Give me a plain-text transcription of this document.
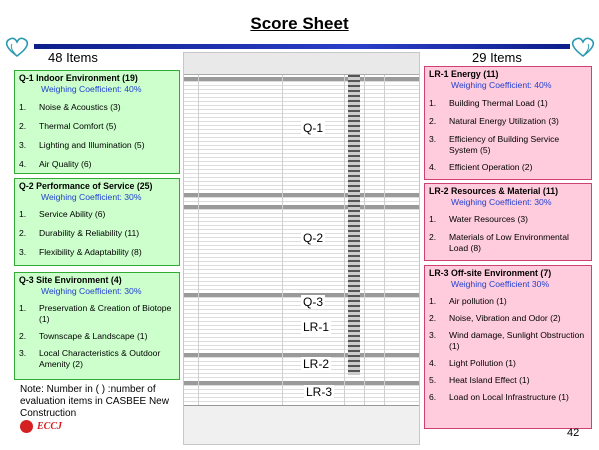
Score Sheet
48 Items	29 Items
Q-1 Indoor Environment (19)
Weighing Coefficient: 40%
1.	Noise & Acoustics (3)
2.	Thermal Comfort (5)
3.	Lighting and Illumination (5)
4.	Air Quality (6)
Q-2 Performance of Service (25)
Weighing Coefficient: 30%
1.	Service Ability (6)
2.	Durability & Reliability (11)
3.	Flexibility & Adaptability (8)
Q-3 Site Environment (4)
Weighing Coefficient: 30%
1.	Preservation & Creation of Biotope (1)
2.	Townscape & Landscape (1)
3.	Local Characteristics & Outdoor Amenity (2)
LR-1 Energy (11)
Weighing Coefficient: 40%
1.	Building Thermal Load (1)
2.	Natural Energy Utilization (3)
3.	Efficiency of Building Service System (5)
4.	Efficient Operation (2)
LR-2 Resources & Material (11)
Weighing Coefficient: 30%
1.	Water Resources (3)
2.	Materials of Low Environmental Load (8)
LR-3 Off-site Environment (7)
Weighing Coefficient 30%
1.	Air pollution (1)
2.	Noise, Vibration and Odor (2)
3.	Wind damage, Sunlight Obstruction (1)
4.	Light Pollution (1)
5.	Heat Island Effect (1)
6.	Load on Local Infrastructure (1)
Q-1
Q-2
Q-3
LR-1
LR-2
LR-3
Note: Number in ( ) :number of evaluation items in CASBEE New Construction
ECCJ
42
